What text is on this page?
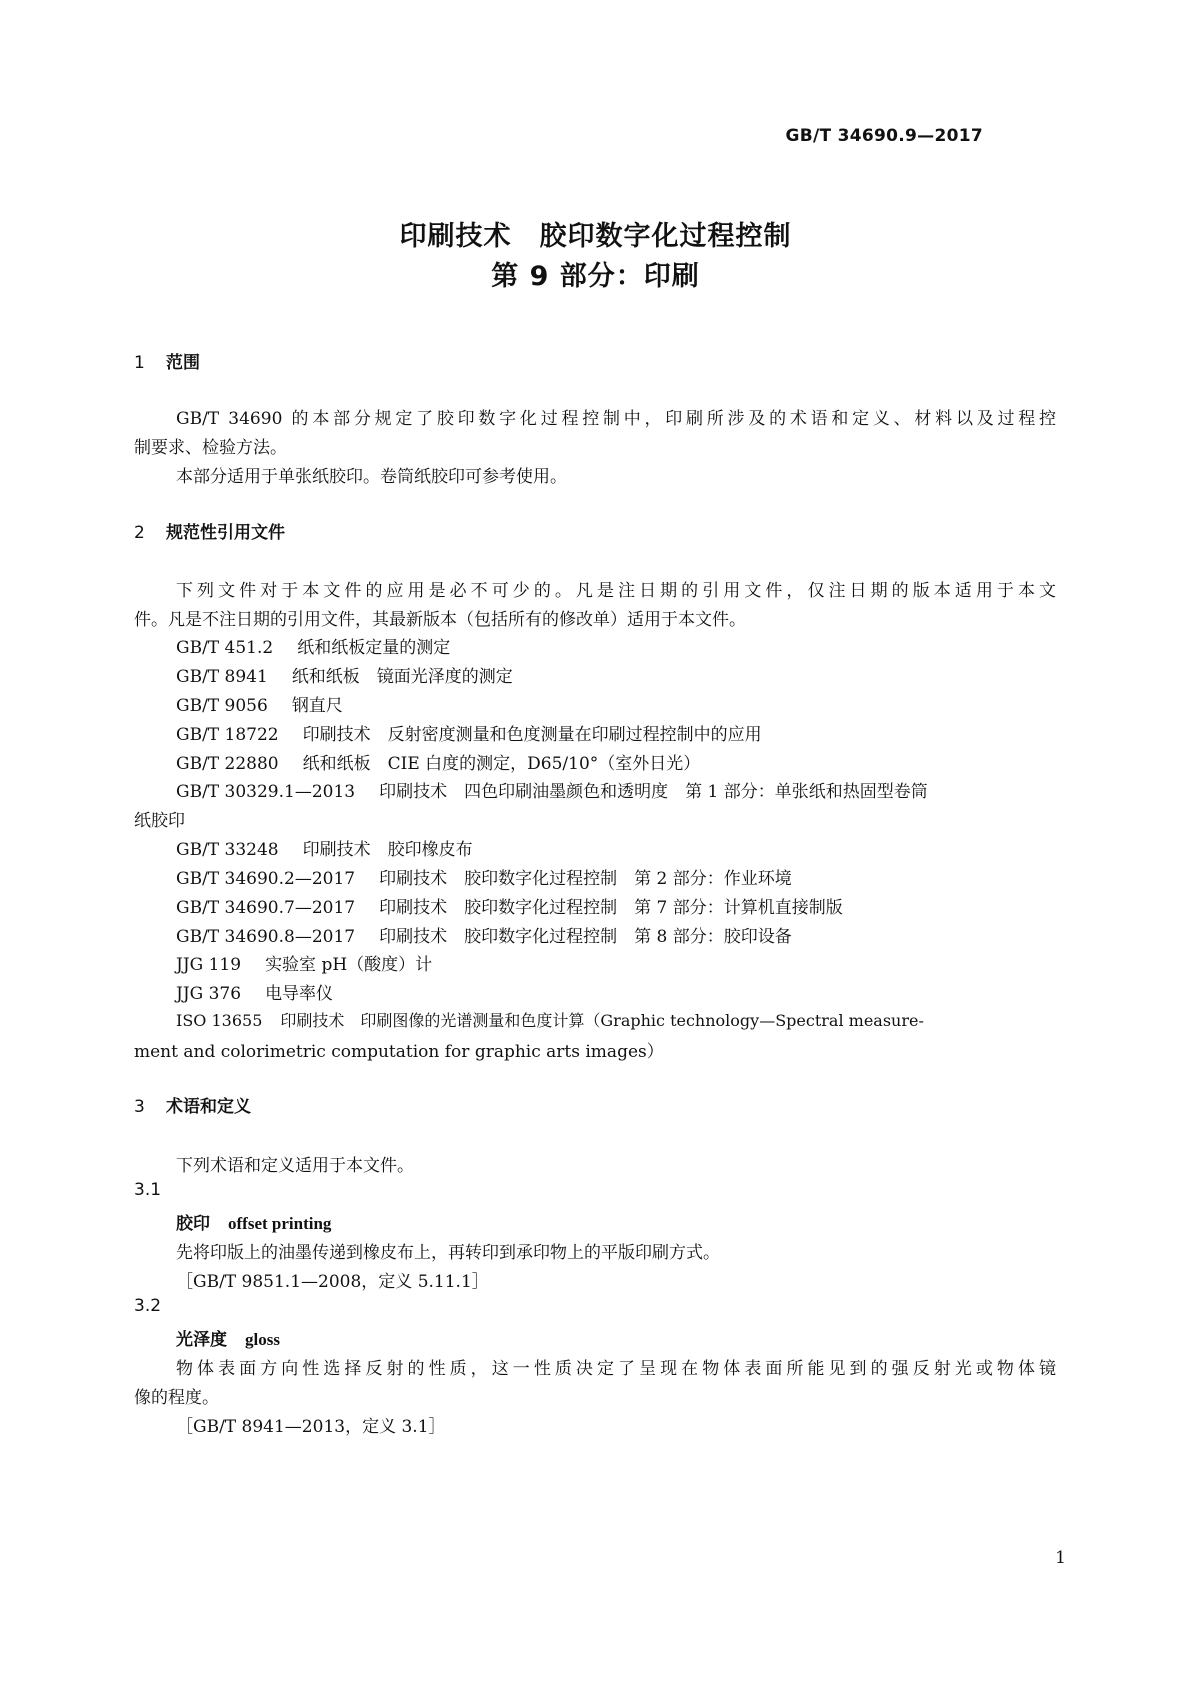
GB/T 34690.9—2017
印刷技术　胶印数字化过程控制
第 9 部分：印刷
1 范围
GB/T 34690 的本部分规定了胶印数字化过程控制中，印刷所涉及的术语和定义、材料以及过程控
制要求、检验方法。
本部分适用于单张纸胶印。卷筒纸胶印可参考使用。
2 规范性引用文件
下列文件对于本文件的应用是必不可少的。凡是注日期的引用文件，仅注日期的版本适用于本文
件。凡是不注日期的引用文件，其最新版本（包括所有的修改单）适用于本文件。
GB/T 451.2 纸和纸板定量的测定
GB/T 8941 纸和纸板　镜面光泽度的测定
GB/T 9056 钢直尺
GB/T 18722 印刷技术　反射密度测量和色度测量在印刷过程控制中的应用
GB/T 22880 纸和纸板　CIE 白度的测定，D65/10°（室外日光）
GB/T 30329.1—2013 印刷技术　四色印刷油墨颜色和透明度　第 1 部分：单张纸和热固型卷筒
纸胶印
GB/T 33248 印刷技术　胶印橡皮布
GB/T 34690.2—2017 印刷技术　胶印数字化过程控制　第 2 部分：作业环境
GB/T 34690.7—2017 印刷技术　胶印数字化过程控制　第 7 部分：计算机直接制版
GB/T 34690.8—2017 印刷技术　胶印数字化过程控制　第 8 部分：胶印设备
JJG 119 实验室 pH（酸度）计
JJG 376 电导率仪
ISO 13655 印刷技术　印刷图像的光谱测量和色度计算（Graphic technology—Spectral measure-
ment and colorimetric computation for graphic arts images）
3 术语和定义
下列术语和定义适用于本文件。
3.1
胶印 offset printing
先将印版上的油墨传递到橡皮布上，再转印到承印物上的平版印刷方式。
［GB/T 9851.1—2008，定义 5.11.1］
3.2
光泽度 gloss
物体表面方向性选择反射的性质，这一性质决定了呈现在物体表面所能见到的强反射光或物体镜
像的程度。
［GB/T 8941—2013，定义 3.1］
1
